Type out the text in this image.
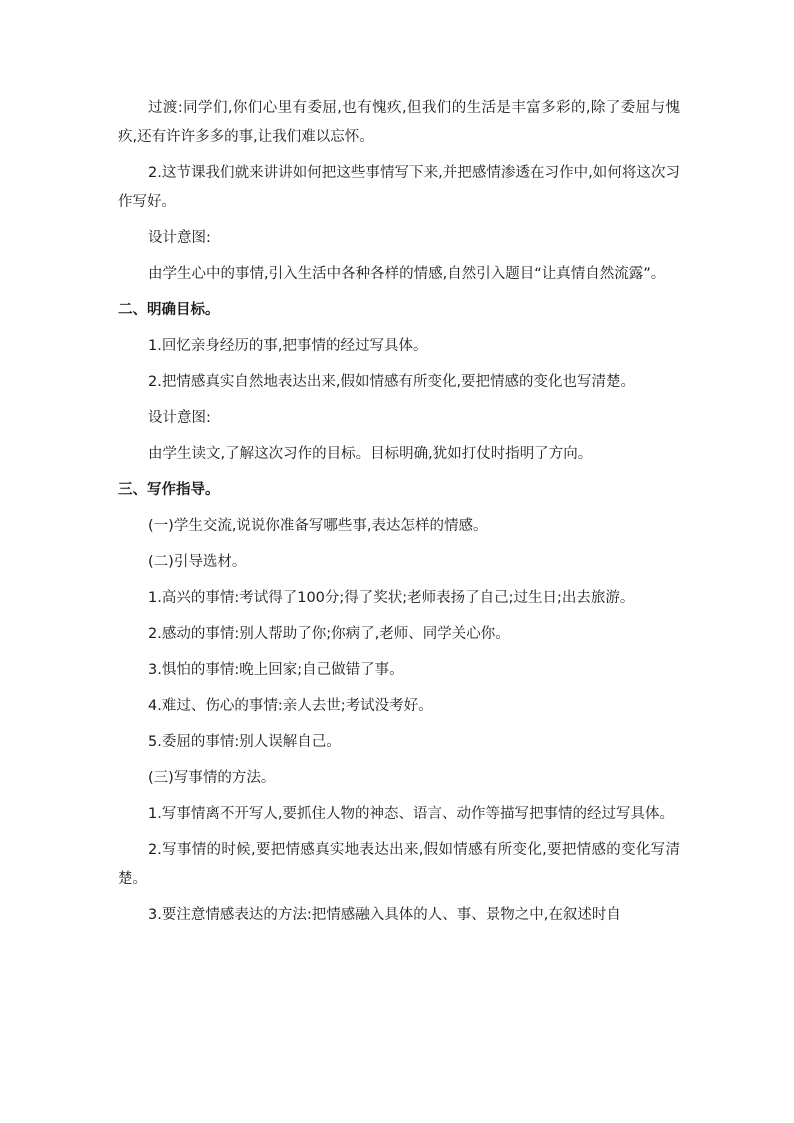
过渡:同学们,你们心里有委屈,也有愧疚,但我们的生活是丰富多彩的,除了委屈与愧疚,还有许许多多的事,让我们难以忘怀。

2.这节课我们就来讲讲如何把这些事情写下来,并把感情渗透在习作中,如何将这次习作写好。

设计意图:

由学生心中的事情,引入生活中各种各样的情感,自然引入题目“让真情自然流露”。

二、明确目标。

1.回忆亲身经历的事,把事情的经过写具体。

2.把情感真实自然地表达出来,假如情感有所变化,要把情感的变化也写清楚。

设计意图:

由学生读文,了解这次习作的目标。目标明确,犹如打仗时指明了方向。

三、写作指导。

(一)学生交流,说说你准备写哪些事,表达怎样的情感。

(二)引导选材。

1.高兴的事情:考试得了100分;得了奖状;老师表扬了自己;过生日;出去旅游。

2.感动的事情:别人帮助了你;你病了,老师、同学关心你。

3.惧怕的事情:晚上回家;自己做错了事。

4.难过、伤心的事情:亲人去世;考试没考好。

5.委屈的事情:别人误解自己。

(三)写事情的方法。

1.写事情离不开写人,要抓住人物的神态、语言、动作等描写把事情的经过写具体。

2.写事情的时候,要把情感真实地表达出来,假如情感有所变化,要把情感的变化写清楚。

3.要注意情感表达的方法:把情感融入具体的人、事、景物之中,在叙述时自
